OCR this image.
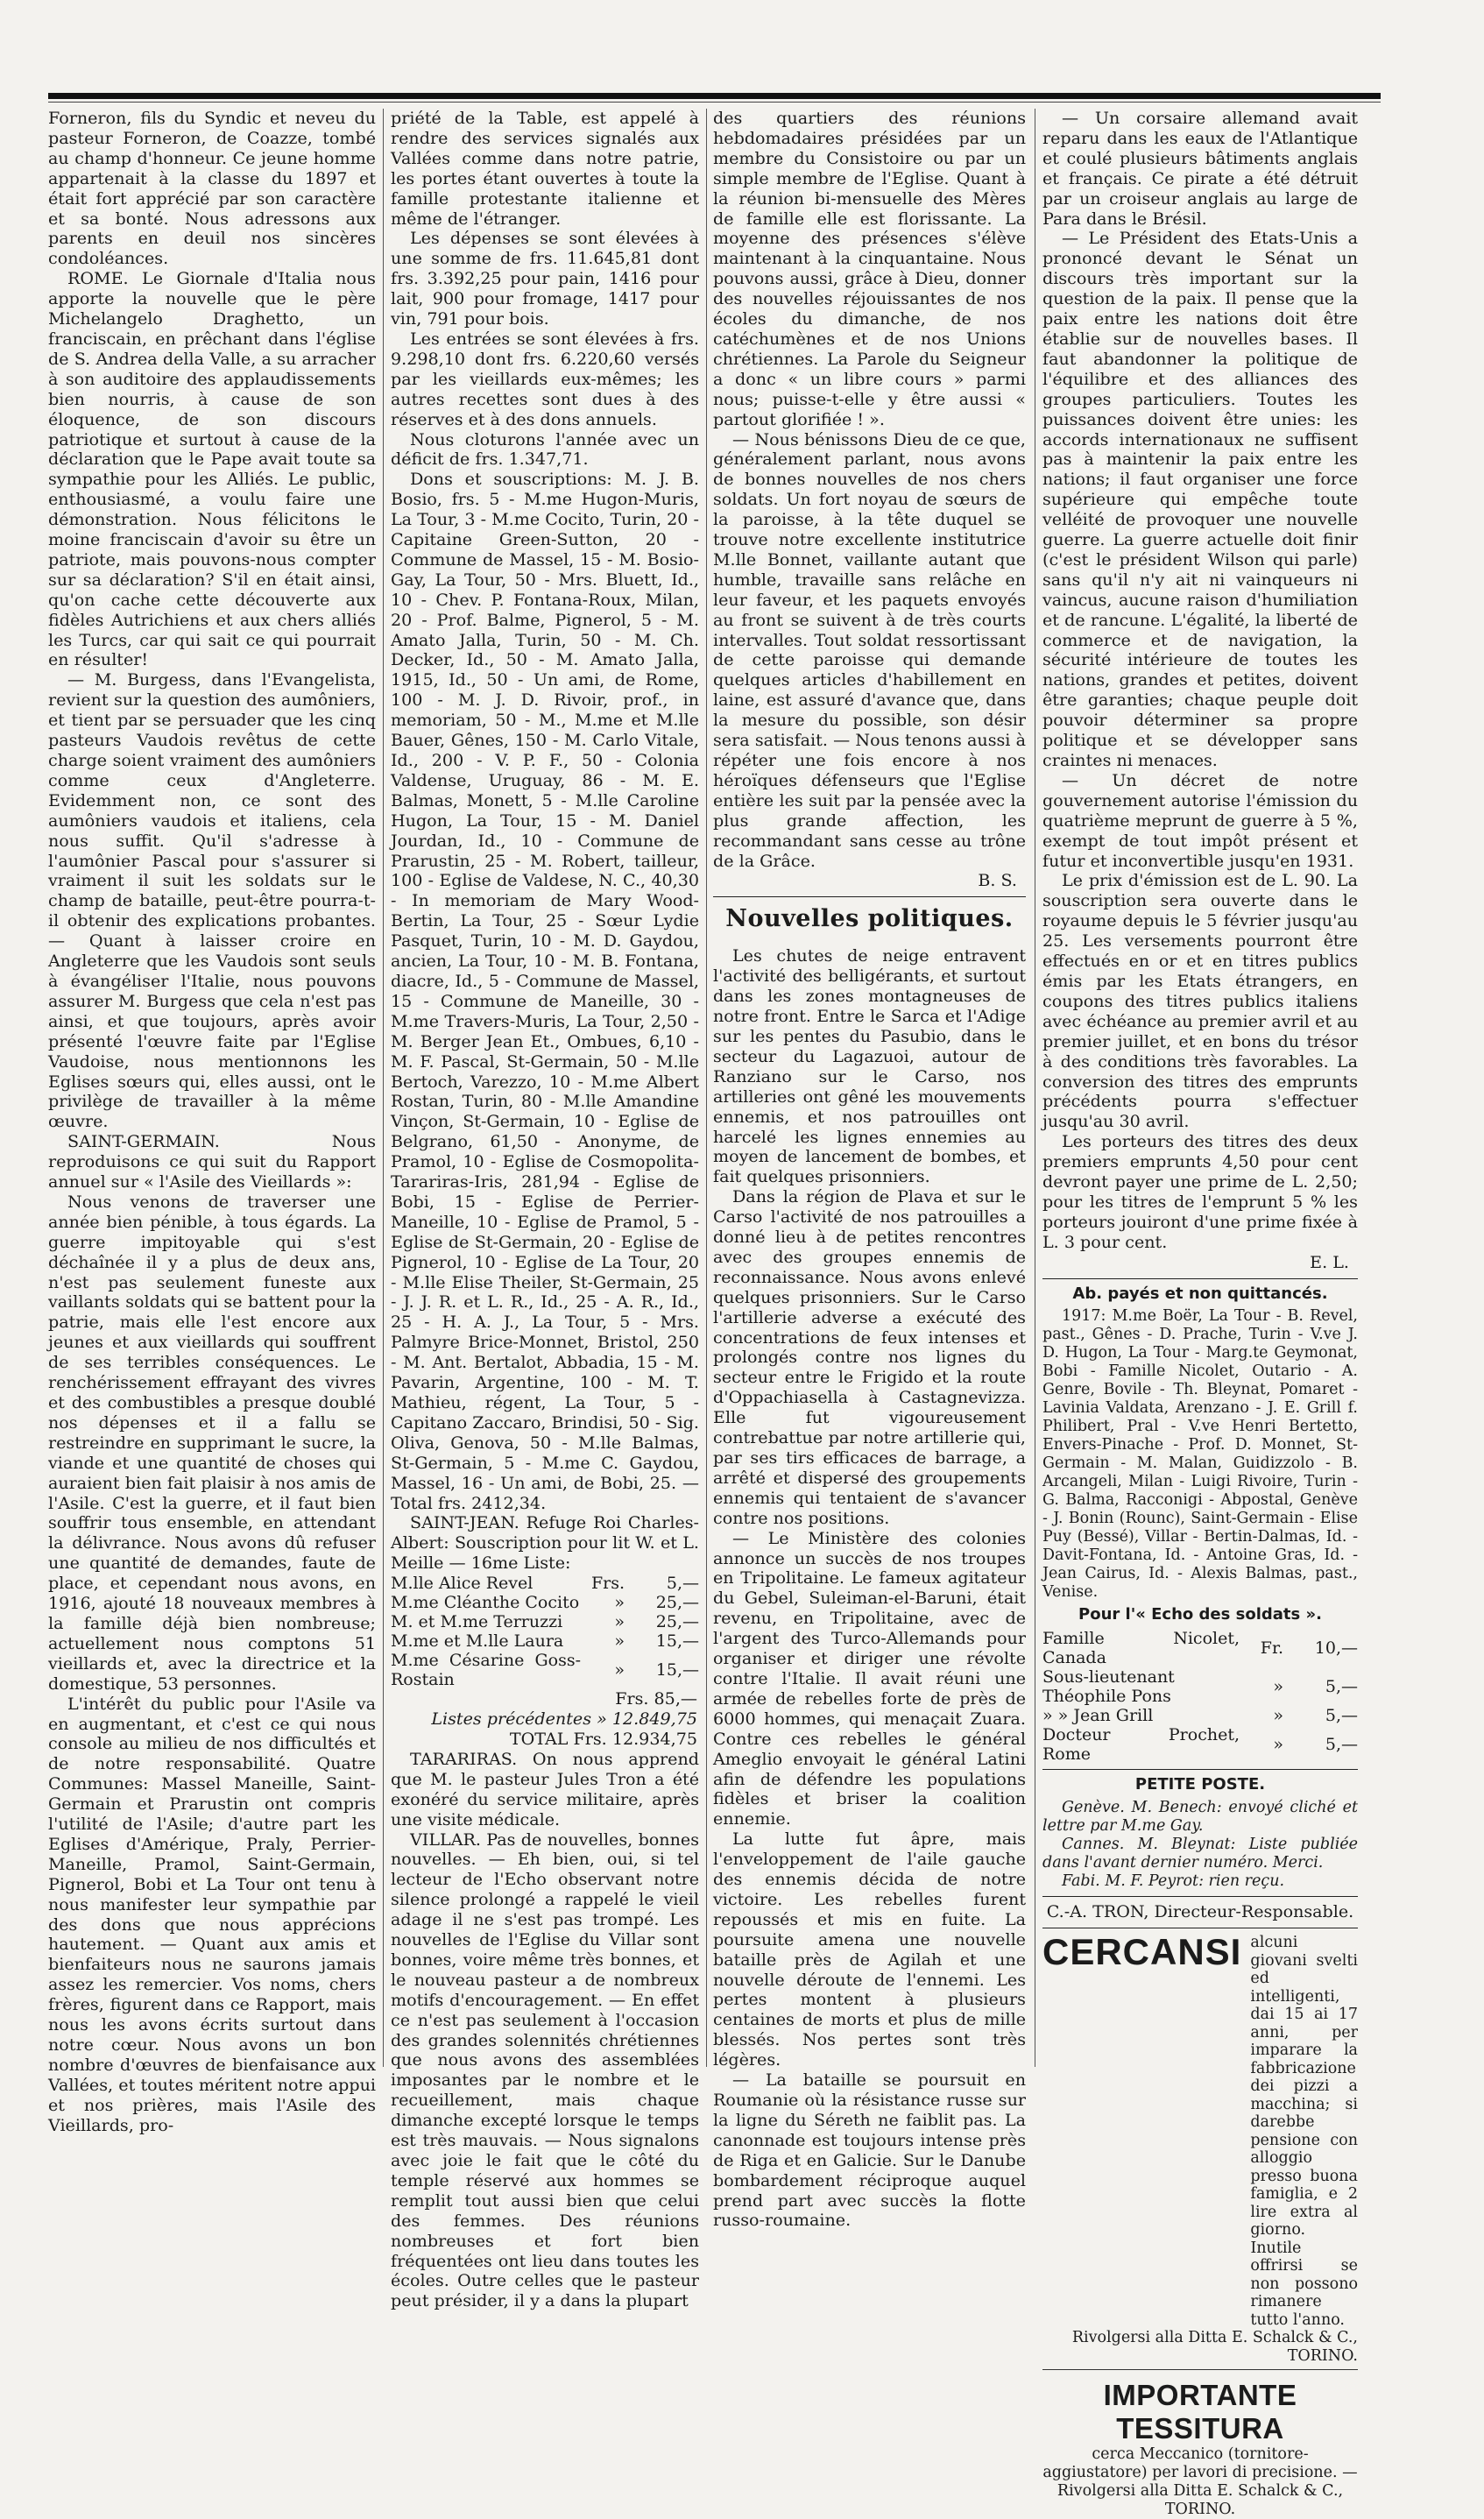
Forneron, fils du Syndic et neveu du pasteur Forneron, de Coazze, tombé au champ d'honneur. Ce jeune homme appartenait à la classe du 1897 et était fort apprécié par son caractère et sa bonté. Nous adressons aux parents en deuil nos sincères condoléances.

ROME. Le Giornale d'Italia nous apporte la nouvelle que le père Michelangelo Draghetto, un franciscain, en prêchant dans l'église de S. Andrea della Valle, a su arracher à son auditoire des applaudissements bien nourris, à cause de son éloquence, de son discours patriotique et surtout à cause de la déclaration que le Pape avait toute sa sympathie pour les Alliés. Le public, enthousiasmé, a voulu faire une démonstration. Nous félicitons le moine franciscain d'avoir su être un patriote, mais pouvons-nous compter sur sa déclaration? S'il en était ainsi, qu'on cache cette découverte aux fidèles Autrichiens et aux chers alliés les Turcs, car qui sait ce qui pourrait en résulter!

— M. Burgess, dans l'Evangelista, revient sur la question des aumôniers, et tient par se persuader que les cinq pasteurs Vaudois revêtus de cette charge soient vraiment des aumôniers comme ceux d'Angleterre. Evidemment non, ce sont des aumôniers vaudois et italiens, cela nous suffit. Qu'il s'adresse à l'aumônier Pascal pour s'assurer si vraiment il suit les soldats sur le champ de bataille, peut-être pourra-t-il obtenir des explications probantes. — Quant à laisser croire en Angleterre que les Vaudois sont seuls à évangéliser l'Italie, nous pouvons assurer M. Burgess que cela n'est pas ainsi, et que toujours, après avoir présenté l'œuvre faite par l'Eglise Vaudoise, nous mentionnons les Eglises sœurs qui, elles aussi, ont le privilège de travailler à la même œuvre.

SAINT-GERMAIN. Nous reproduisons ce qui suit du Rapport annuel sur « l'Asile des Vieillards »:

Nous venons de traverser une année bien pénible, à tous égards. La guerre impitoyable qui s'est déchaînée il y a plus de deux ans, n'est pas seulement funeste aux vaillants soldats qui se battent pour la patrie, mais elle l'est encore aux jeunes et aux vieillards qui souffrent de ses terribles conséquences. Le renchérissement effrayant des vivres et des combustibles a presque doublé nos dépenses et il a fallu se restreindre en supprimant le sucre, la viande et une quantité de choses qui auraient bien fait plaisir à nos amis de l'Asile. C'est la guerre, et il faut bien souffrir tous ensemble, en attendant la délivrance. Nous avons dû refuser une quantité de demandes, faute de place, et cependant nous avons, en 1916, ajouté 18 nouveaux membres à la famille déjà bien nombreuse; actuellement nous comptons 51 vieillards et, avec la directrice et la domestique, 53 personnes.

L'intérêt du public pour l'Asile va en augmentant, et c'est ce qui nous console au milieu de nos difficultés et de notre responsabilité. Quatre Communes: Massel Maneille, Saint-Germain et Prarustin ont compris l'utilité de l'Asile; d'autre part les Eglises d'Amérique, Praly, Perrier-Maneille, Pramol, Saint-Germain, Pignerol, Bobi et La Tour ont tenu à nous manifester leur sympathie par des dons que nous apprécions hautement. — Quant aux amis et bienfaiteurs nous ne saurons jamais assez les remercier. Vos noms, chers frères, figurent dans ce Rapport, mais nous les avons écrits surtout dans notre cœur. Nous avons un bon nombre d'œuvres de bienfaisance aux Vallées, et toutes méritent notre appui et nos prières, mais l'Asile des Vieillards, pro-

priété de la Table, est appelé à rendre des services signalés aux Vallées comme dans notre patrie, les portes étant ouvertes à toute la famille protestante italienne et même de l'étranger.

Les dépenses se sont élevées à une somme de frs. 11.645,81 dont frs. 3.392,25 pour pain, 1416 pour lait, 900 pour fromage, 1417 pour vin, 791 pour bois.

Les entrées se sont élevées à frs. 9.298,10 dont frs. 6.220,60 versés par les vieillards eux-mêmes; les autres recettes sont dues à des réserves et à des dons annuels.

Nous cloturons l'année avec un déficit de frs. 1.347,71.

Dons et souscriptions: M. J. B. Bosio, frs. 5 - M.me Hugon-Muris, La Tour, 3 - M.me Cocito, Turin, 20 - Capitaine Green-Sutton, 20 - Commune de Massel, 15 - M. Bosio-Gay, La Tour, 50 - Mrs. Bluett, Id., 10 - Chev. P. Fontana-Roux, Milan, 20 - Prof. Balme, Pignerol, 5 - M. Amato Jalla, Turin, 50 - M. Ch. Decker, Id., 50 - M. Amato Jalla, 1915, Id., 50 - Un ami, de Rome, 100 - M. J. D. Rivoir, prof., in memoriam, 50 - M., M.me et M.lle Bauer, Gênes, 150 - M. Carlo Vitale, Id., 200 - V. P. F., 50 - Colonia Valdense, Uruguay, 86 - M. E. Balmas, Monett, 5 - M.lle Caroline Hugon, La Tour, 15 - M. Daniel Jourdan, Id., 10 - Commune de Prarustin, 25 - M. Robert, tailleur, 100 - Eglise de Valdese, N. C., 40,30 - In memoriam de Mary Wood-Bertin, La Tour, 25 - Sœur Lydie Pasquet, Turin, 10 - M. D. Gaydou, ancien, La Tour, 10 - M. B. Fontana, diacre, Id., 5 - Commune de Massel, 15 - Commune de Maneille, 30 - M.me Travers-Muris, La Tour, 2,50 - M. Berger Jean Et., Ombues, 6,10 - M. F. Pascal, St-Germain, 50 - M.lle Bertoch, Varezzo, 10 - M.me Albert Rostan, Turin, 80 - M.lle Amandine Vinçon, St-Germain, 10 - Eglise de Belgrano, 61,50 - Anonyme, de Pramol, 10 - Eglise de Cosmopolita-Tarariras-Iris, 281,94 - Eglise de Bobi, 15 - Eglise de Perrier-Maneille, 10 - Eglise de Pramol, 5 - Eglise de St-Germain, 20 - Eglise de Pignerol, 10 - Eglise de La Tour, 20 - M.lle Elise Theiler, St-Germain, 25 - J. J. R. et L. R., Id., 25 - A. R., Id., 25 - H. A. J., La Tour, 5 - Mrs. Palmyre Brice-Monnet, Bristol, 250 - M. Ant. Bertalot, Abbadia, 15 - M. Pavarin, Argentine, 100 - M. T. Mathieu, régent, La Tour, 5 - Capitano Zaccaro, Brindisi, 50 - Sig. Oliva, Genova, 50 - M.lle Balmas, St-Germain, 5 - M.me C. Gaydou, Massel, 16 - Un ami, de Bobi, 25. — Total frs. 2412,34.

SAINT-JEAN. Refuge Roi Charles-Albert: Souscription pour lit W. et L. Meille — 16me Liste:

M.lle Alice Revel	Frs.	5,—
M.me Cléanthe Cocito	»	25,—
M. et M.me Terruzzi	»	25,—
M.me et M.lle Laura	»	15,—
M.me Césarine Goss-Rostain	»	15,—
Frs. 85,—
Listes précédentes » 12.849,75
TOTAL Frs. 12.934,75

TARARIRAS. On nous apprend que M. le pasteur Jules Tron a été exonéré du service militaire, après une visite médicale.

VILLAR. Pas de nouvelles, bonnes nouvelles. — Eh bien, oui, si tel lecteur de l'Echo observant notre silence prolongé a rappelé le vieil adage il ne s'est pas trompé. Les nouvelles de l'Eglise du Villar sont bonnes, voire même très bonnes, et le nouveau pasteur a de nombreux motifs d'encouragement. — En effet ce n'est pas seulement à l'occasion des grandes solennités chrétiennes que nous avons des assemblées imposantes par le nombre et le recueillement, mais chaque dimanche excepté lorsque le temps est très mauvais. — Nous signalons avec joie le fait que le côté du temple réservé aux hommes se remplit tout aussi bien que celui des femmes. Des réunions nombreuses et fort bien fréquentées ont lieu dans toutes les écoles. Outre celles que le pasteur peut présider, il y a dans la plupart

des quartiers des réunions hebdomadaires présidées par un membre du Consistoire ou par un simple membre de l'Eglise. Quant à la réunion bi-mensuelle des Mères de famille elle est florissante. La moyenne des présences s'élève maintenant à la cinquantaine. Nous pouvons aussi, grâce à Dieu, donner des nouvelles réjouissantes de nos écoles du dimanche, de nos catéchumènes et de nos Unions chrétiennes. La Parole du Seigneur a donc « un libre cours » parmi nous; puisse-t-elle y être aussi « partout glorifiée ! ».

— Nous bénissons Dieu de ce que, généralement parlant, nous avons de bonnes nouvelles de nos chers soldats. Un fort noyau de sœurs de la paroisse, à la tête duquel se trouve notre excellente institutrice M.lle Bonnet, vaillante autant que humble, travaille sans relâche en leur faveur, et les paquets envoyés au front se suivent à de très courts intervalles. Tout soldat ressortissant de cette paroisse qui demande quelques articles d'habillement en laine, est assuré d'avance que, dans la mesure du possible, son désir sera satisfait. — Nous tenons aussi à répéter une fois encore à nos héroïques défenseurs que l'Eglise entière les suit par la pensée avec la plus grande affection, les recommandant sans cesse au trône de la Grâce.

B. S.
Nouvelles politiques.

Les chutes de neige entravent l'activité des belligérants, et surtout dans les zones montagneuses de notre front. Entre le Sarca et l'Adige sur les pentes du Pasubio, dans le secteur du Lagazuoi, autour de Ranziano sur le Carso, nos artilleries ont gêné les mouvements ennemis, et nos patrouilles ont harcelé les lignes ennemies au moyen de lancement de bombes, et fait quelques prisonniers.

Dans la région de Plava et sur le Carso l'activité de nos patrouilles a donné lieu à de petites rencontres avec des groupes ennemis de reconnaissance. Nous avons enlevé quelques prisonniers. Sur le Carso l'artillerie adverse a exécuté des concentrations de feux intenses et prolongés contre nos lignes du secteur entre le Frigido et la route d'Oppachiasella à Castagnevizza. Elle fut vigoureusement contrebattue par notre artillerie qui, par ses tirs efficaces de barrage, a arrêté et dispersé des groupements ennemis qui tentaient de s'avancer contre nos positions.

— Le Ministère des colonies annonce un succès de nos troupes en Tripolitaine. Le fameux agitateur du Gebel, Suleiman-el-Baruni, était revenu, en Tripolitaine, avec de l'argent des Turco-Allemands pour organiser et diriger une révolte contre l'Italie. Il avait réuni une armée de rebelles forte de près de 6000 hommes, qui menaçait Zuara. Contre ces rebelles le général Ameglio envoyait le général Latini afin de défendre les populations fidèles et briser la coalition ennemie.

La lutte fut âpre, mais l'enveloppement de l'aile gauche des ennemis décida de notre victoire. Les rebelles furent repoussés et mis en fuite. La poursuite amena une nouvelle bataille près de Agilah et une nouvelle déroute de l'ennemi. Les pertes montent à plusieurs centaines de morts et plus de mille blessés. Nos pertes sont très légères.

— La bataille se poursuit en Roumanie où la résistance russe sur la ligne du Séreth ne faiblit pas. La canonnade est toujours intense près de Riga et en Galicie. Sur le Danube bombardement réciproque auquel prend part avec succès la flotte russo-roumaine.

— Un corsaire allemand avait reparu dans les eaux de l'Atlantique et coulé plusieurs bâtiments anglais et français. Ce pirate a été détruit par un croiseur anglais au large de Para dans le Brésil.

— Le Président des Etats-Unis a prononcé devant le Sénat un discours très important sur la question de la paix. Il pense que la paix entre les nations doit être établie sur de nouvelles bases. Il faut abandonner la politique de l'équilibre et des alliances des groupes particuliers. Toutes les puissances doivent être unies: les accords internationaux ne suffisent pas à maintenir la paix entre les nations; il faut organiser une force supérieure qui empêche toute velléité de provoquer une nouvelle guerre. La guerre actuelle doit finir (c'est le président Wilson qui parle) sans qu'il n'y ait ni vainqueurs ni vaincus, aucune raison d'humiliation et de rancune. L'égalité, la liberté de commerce et de navigation, la sécurité intérieure de toutes les nations, grandes et petites, doivent être garanties; chaque peuple doit pouvoir déterminer sa propre politique et se développer sans craintes ni menaces.

— Un décret de notre gouvernement autorise l'émission du quatrième meprunt de guerre à 5 %, exempt de tout impôt présent et futur et inconvertible jusqu'en 1931.

Le prix d'émission est de L. 90. La souscription sera ouverte dans le royaume depuis le 5 février jusqu'au 25. Les versements pourront être effectués en or et en titres publics émis par les Etats étrangers, en coupons des titres publics italiens avec échéance au premier avril et au premier juillet, et en bons du trésor à des conditions très favorables. La conversion des titres des emprunts précédents pourra s'effectuer jusqu'au 30 avril.

Les porteurs des titres des deux premiers emprunts 4,50 pour cent devront payer une prime de L. 2,50; pour les titres de l'emprunt 5 % les porteurs jouiront d'une prime fixée à L. 3 pour cent.

E. L.
Ab. payés et non quittancés.

1917: M.me Boër, La Tour - B. Revel, past., Gênes - D. Prache, Turin - V.ve J. D. Hugon, La Tour - Marg.te Geymonat, Bobi - Famille Nicolet, Outario - A. Genre, Bovile - Th. Bleynat, Pomaret - Lavinia Valdata, Arenzano - J. E. Grill f. Philibert, Pral - V.ve Henri Bertetto, Envers-Pinache - Prof. D. Monnet, St-Germain - M. Malan, Guidizzolo - B. Arcangeli, Milan - Luigi Rivoire, Turin - G. Balma, Racconigi - Abpostal, Genève - J. Bonin (Rounc), Saint-Germain - Elise Puy (Bessé), Villar - Bertin-Dalmas, Id. - Davit-Fontana, Id. - Antoine Gras, Id. - Jean Cairus, Id. - Alexis Balmas, past., Venise.

Pour l'« Echo des soldats ».
Famille Nicolet, Canada	Fr.	10,—
Sous-lieutenant Théophile Pons	»	5,—
» » Jean Grill	»	5,—
Docteur Prochet, Rome	»	5,—
PETITE POSTE.

Genève. M. Benech: envoyé cliché et lettre par M.me Gay.

Cannes. M. Bleynat: Liste publiée dans l'avant dernier numéro. Merci.

Fabi. M. F. Peyrot: rien reçu.

C.-A. TRON, Directeur-Responsable.
CERCANSI alcuni giovani svelti ed intelligenti, dai 15 ai 17 anni, per imparare la fabbricazione dei pizzi a macchina; si darebbe pensione con alloggio presso buona famiglia, e 2 lire extra al giorno. Inutile offrirsi se non possono rimanere tutto l'anno.
Rivolgersi alla Ditta E. Schalck & C., TORINO.
IMPORTANTE TESSITURA

cerca Meccanico (tornitore-aggiustatore) per lavori di precisione. — Rivolgersi alla Ditta E. Schalck & C., TORINO.
